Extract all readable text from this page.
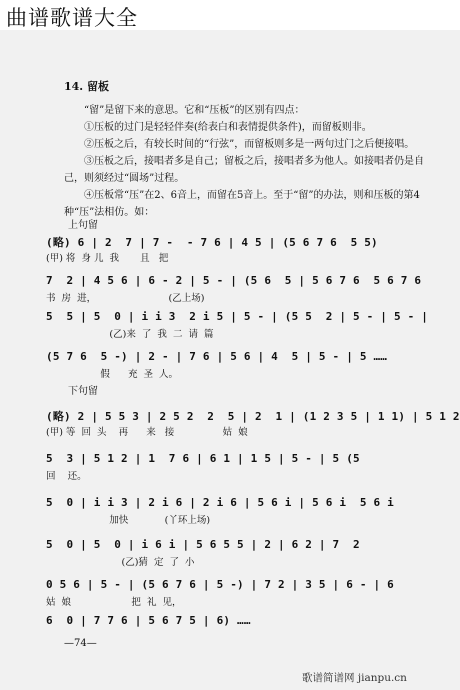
曲谱歌谱大全
14. 留板
“留”是留下来的意思。它和“压板”的区别有四点：
①压板的过门是轻轻伴奏(给表白和表情提供条件)，而留板则非。
②压板之后，有较长时间的“行弦”，而留板则多是一两句过门之后便接唱。
③压板之后，接唱者多是自己；留板之后，接唱者多为他人。如接唱者仍是自己，则须经过“圆场”过程。
④压板常“压”在2、6音上，而留在5音上。至于“留”的办法，则和压板的第4种“压”法相仿。如：
上句留
(略) 6 | 2  7 | 7 -  - 7 6 | 4 5 | (5 6 7 6  5 5)
(甲) 将  身 儿  我       且   把
7  2 | 4 5 6 | 6 - 2 | 5 - | (5 6  5 | 5 6 7 6  5 6 7 6
书  房  进，                        (乙上场)
5  5 | 5  0 | i i 3  2 i 5 | 5 - | (5 5  2 | 5 - | 5 - |
(乙)来  了  我  二  请  篇
(5 7 6  5 -) | 2 - | 7 6 | 5 6 | 4  5 | 5 - | 5 ……
假      充  圣  人。
下句留
(略) 2 | 5 5 3 | 2 5 2  2  5 | 2  1 | (1 2 3 5 | 1 1) | 5 1 2
(甲) 等  回  头    再      来   接                姑  娘
5  3 | 5 1 2 | 1  7 6 | 6 1 | 1 5 | 5 - | 5 (5
回    还。
5  0 | i i 3 | 2 i 6 | 2 i 6 | 5 6 i | 5 6 i  5 6 i
加快            (丫环上场)
5  0 | 5  0 | i 6 i | 5 6 5 5 | 2 | 6 2 | 7  2
(乙)猜  定  了  小
0 5 6 | 5 - | (5 6 7 6 | 5 -) | 7 2 | 3 5 | 6 - | 6
姑  娘                    把  礼  见，
6  0 | 7 7 6 | 5 6 7 5 | 6) ……
—74—
歌谱简谱网 jianpu.cn
